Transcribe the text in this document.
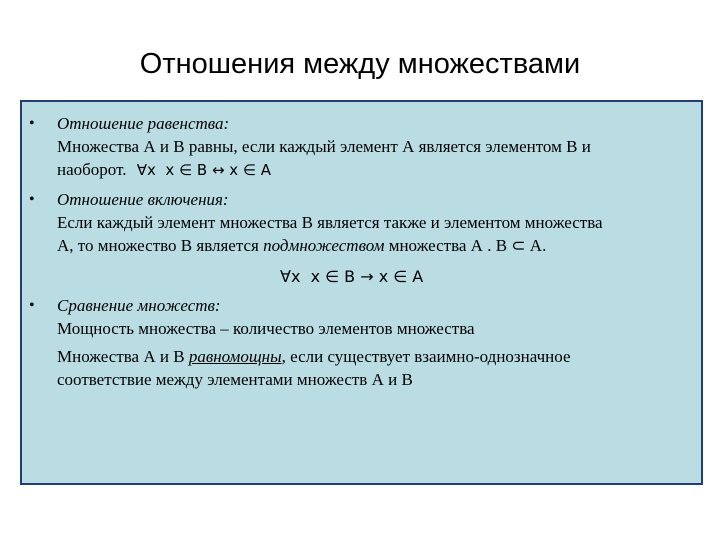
Отношения между множествами
• Отношение равенства:
Множества А и В равны, если каждый элемент А является элементом В и
наоборот. ∀x  x ∈ B ↔ x ∈ A
• Отношение включения:
Если каждый элемент множества В является также и элементом множества
А, то множество В является подмножеством множества А . В ⊂ А.
∀x  x ∈ B → x ∈ A
• Сравнение множеств:
Мощность множества – количество элементов множества
Множества А и В равномощны, если существует взаимно-однозначное
соответствие между элементами множеств А и В
